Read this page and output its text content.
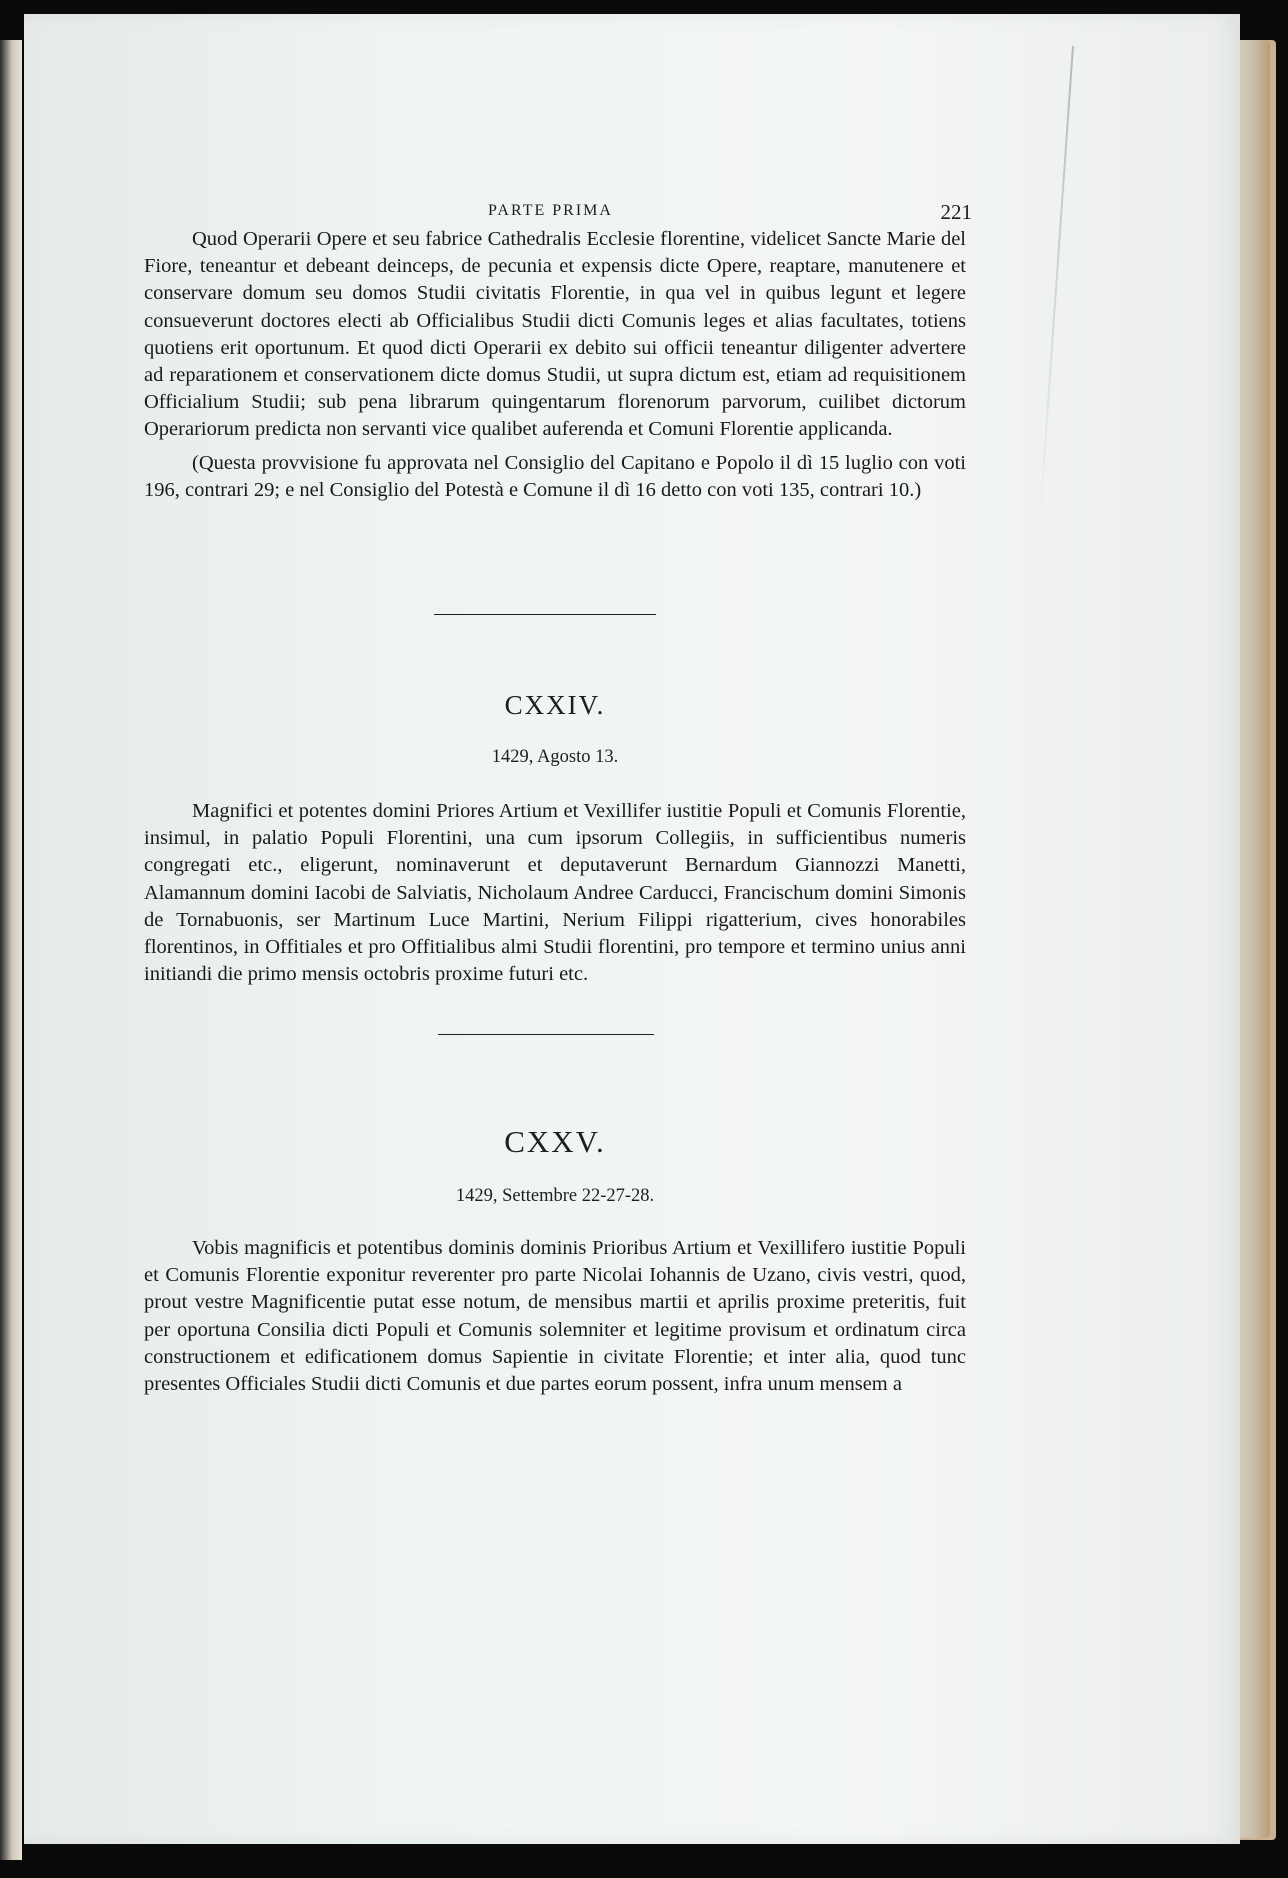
PARTE PRIMA	221

Quod Operarii Opere et seu fabrice Cathedralis Ecclesie florentine, videlicet Sancte Marie del Fiore, teneantur et debeant deinceps, de pecunia et expensis dicte Opere, reaptare, manutenere et conservare domum seu domos Studii civitatis Florentie, in qua vel in quibus legunt et legere consueverunt doctores electi ab Officialibus Studii dicti Comunis leges et alias facultates, totiens quotiens erit oportunum. Et quod dicti Operarii ex debito sui officii teneantur diligenter advertere ad reparationem et conservationem dicte domus Studii, ut supra dictum est, etiam ad requisitionem Officialium Studii; sub pena librarum quingentarum florenorum parvorum, cuilibet dictorum Operariorum predicta non servanti vice qualibet auferenda et Comuni Florentie applicanda.

(Questa provvisione fu approvata nel Consiglio del Capitano e Popolo il dì 15 luglio con voti 196, contrari 29; e nel Consiglio del Potestà e Comune il dì 16 detto con voti 135, contrari 10.)

CXXIV.
1429, Agosto 13.

Magnifici et potentes domini Priores Artium et Vexillifer iustitie Populi et Comunis Florentie, insimul, in palatio Populi Florentini, una cum ipsorum Collegiis, in sufficientibus numeris congregati etc., eligerunt, nominaverunt et deputaverunt Bernardum Giannozzi Manetti, Alamannum domini Iacobi de Salviatis, Nicholaum Andree Carducci, Francischum domini Simonis de Tornabuonis, ser Martinum Luce Martini, Nerium Filippi rigatterium, cives honorabiles florentinos, in Offitiales et pro Offitialibus almi Studii florentini, pro tempore et termino unius anni initiandi die primo mensis octobris proxime futuri etc.

CXXV.
1429, Settembre 22-27-28.

Vobis magnificis et potentibus dominis dominis Prioribus Artium et Vexillifero iustitie Populi et Comunis Florentie exponitur reverenter pro parte Nicolai Iohannis de Uzano, civis vestri, quod, prout vestre Magnificentie putat esse notum, de mensibus martii et aprilis proxime preteritis, fuit per oportuna Consilia dicti Populi et Comunis solemniter et legitime provisum et ordinatum circa constructionem et edificationem domus Sapientie in civitate Florentie; et inter alia, quod tunc presentes Officiales Studii dicti Comunis et due partes eorum possent, infra unum mensem a
